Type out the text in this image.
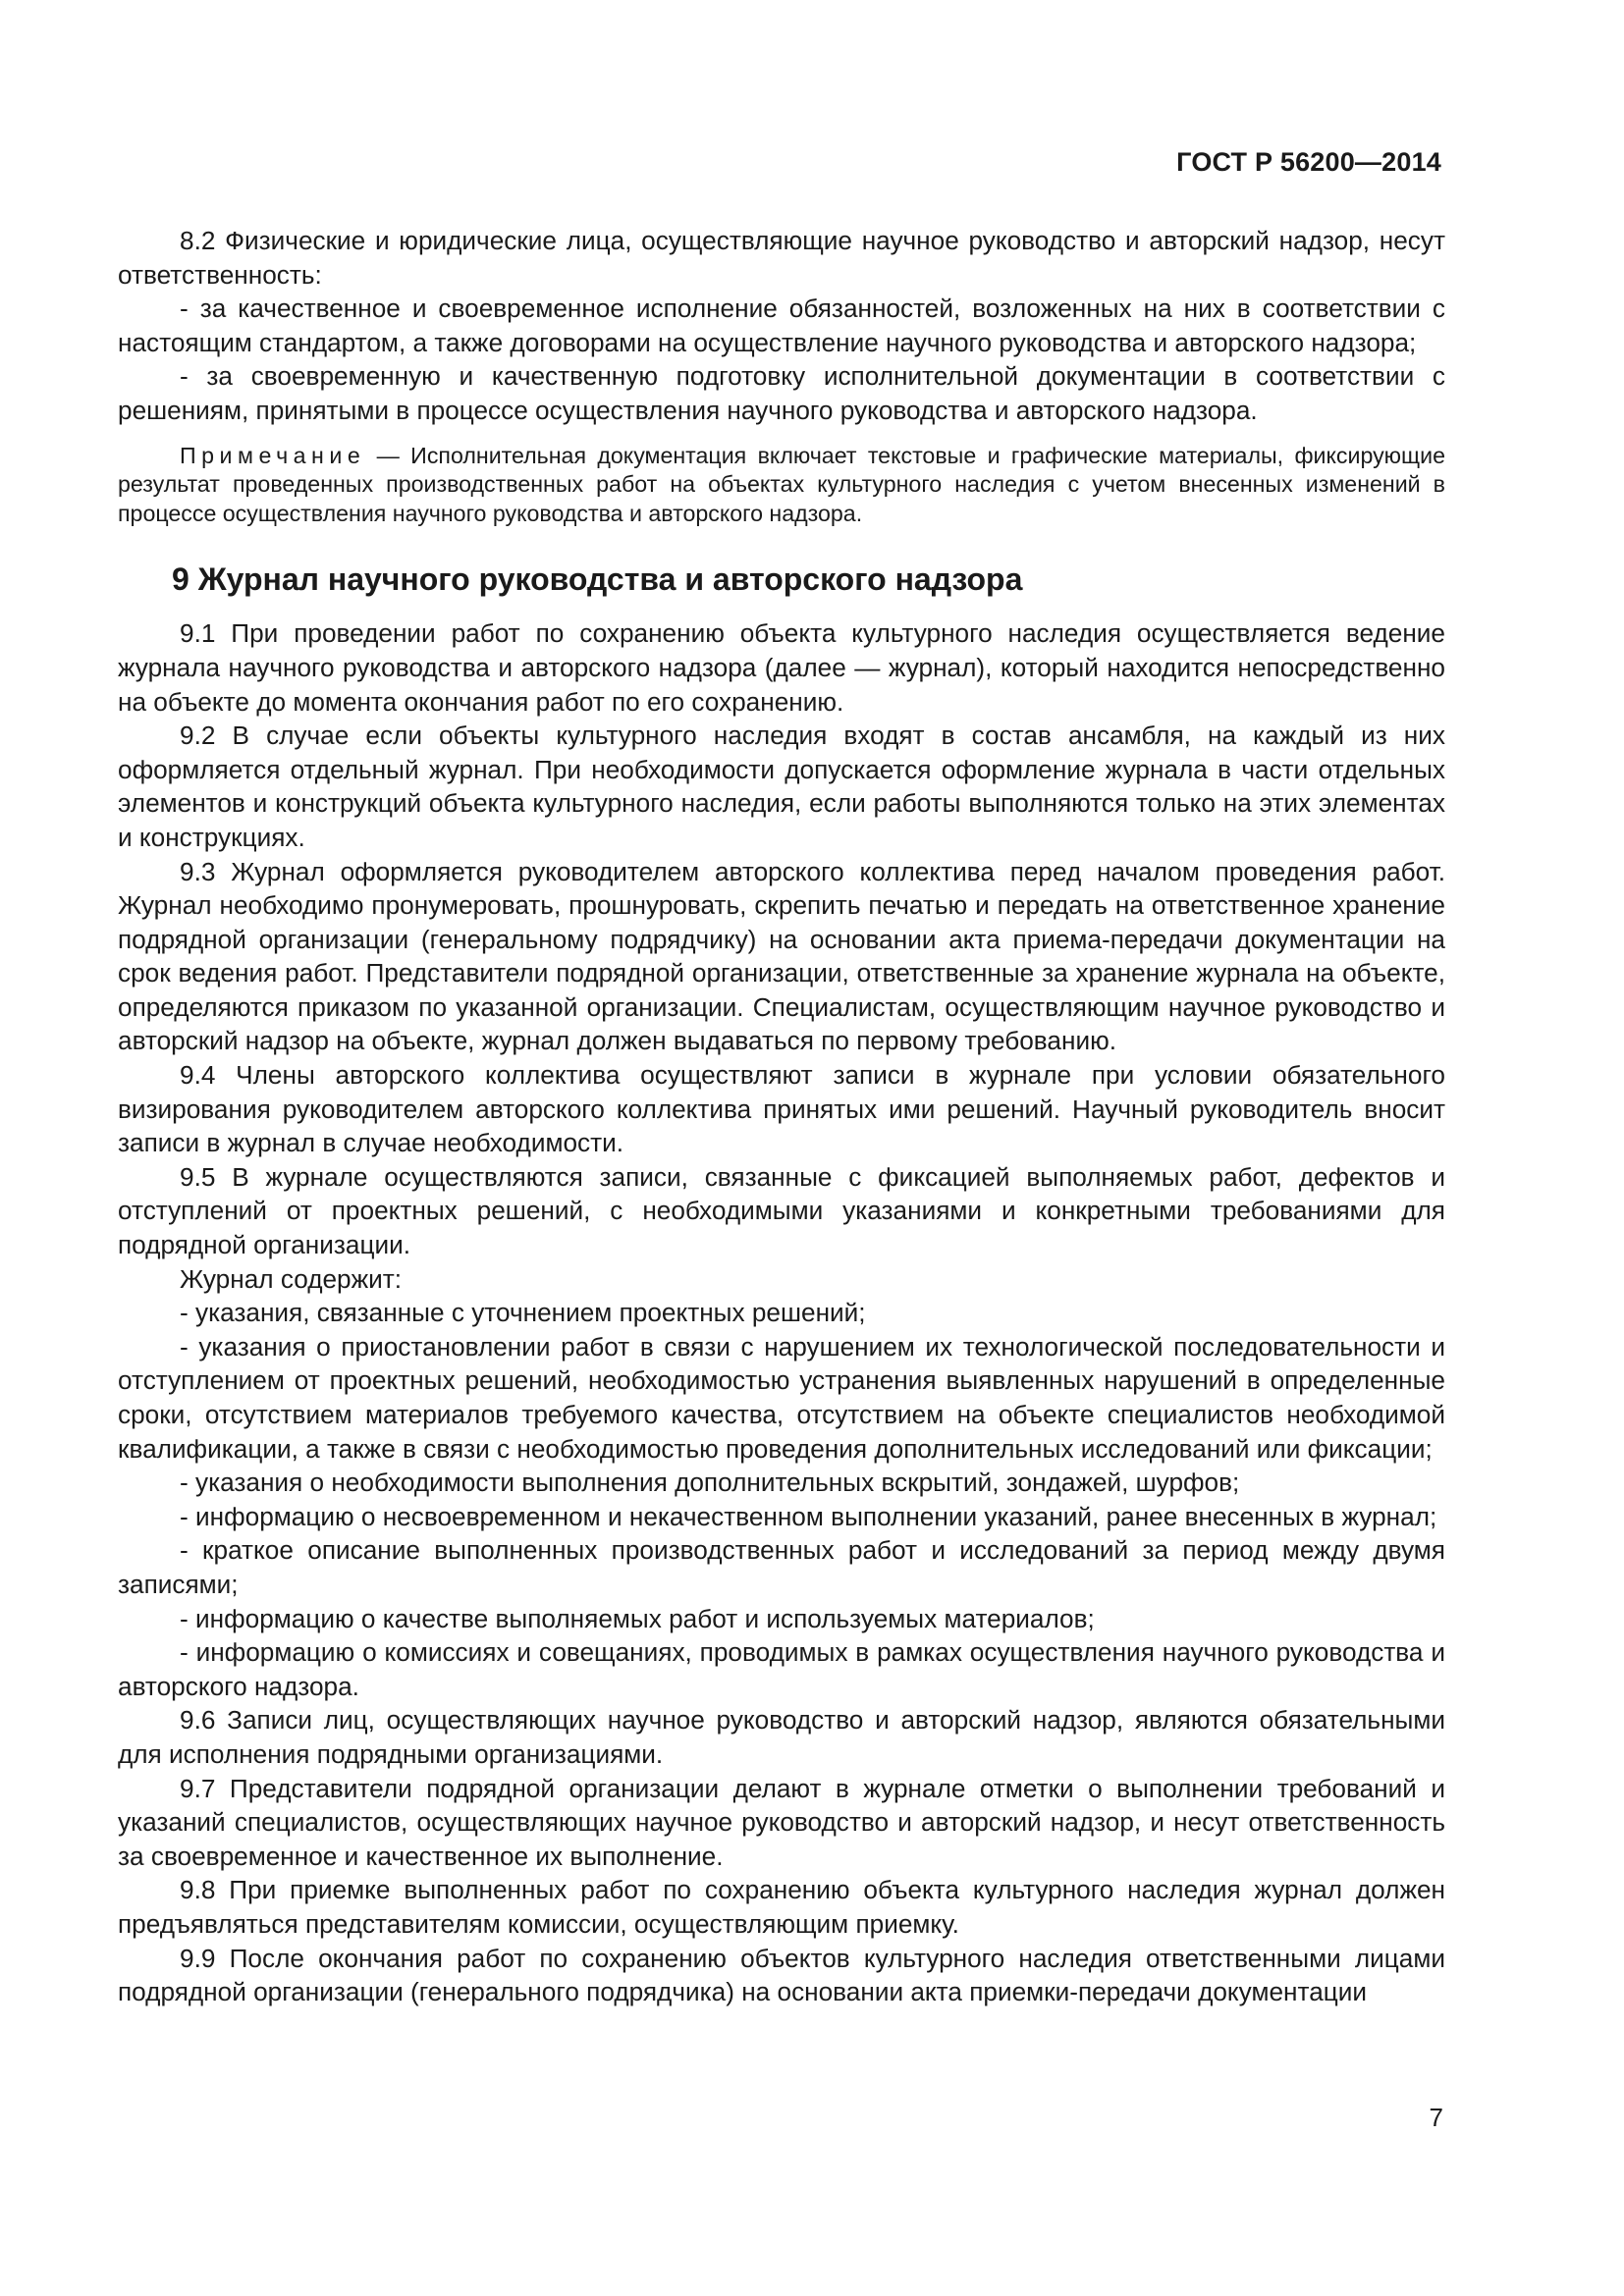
ГОСТ Р 56200—2014

8.2 Физические и юридические лица, осуществляющие научное руководство и авторский надзор, несут ответственность:

- за качественное и своевременное исполнение обязанностей, возложенных на них в соответствии с настоящим стандартом, а также договорами на осуществление научного руководства и авторского надзора;

- за своевременную и качественную подготовку исполнительной документации в соответствии с решениям, принятыми в процессе осуществления научного руководства и авторского надзора.

Примечание — Исполнительная документация включает текстовые и графические материалы, фиксирующие результат проведенных производственных работ на объектах культурного наследия с учетом внесенных изменений в процессе осуществления научного руководства и авторского надзора.

9 Журнал научного руководства и авторского надзора

9.1 При проведении работ по сохранению объекта культурного наследия осуществляется ведение журнала научного руководства и авторского надзора (далее — журнал), который находится непосредственно на объекте до момента окончания работ по его сохранению.

9.2 В случае если объекты культурного наследия входят в состав ансамбля, на каждый из них оформляется отдельный журнал. При необходимости допускается оформление журнала в части отдельных элементов и конструкций объекта культурного наследия, если работы выполняются только на этих элементах и конструкциях.

9.3 Журнал оформляется руководителем авторского коллектива перед началом проведения работ. Журнал необходимо пронумеровать, прошнуровать, скрепить печатью и передать на ответственное хранение подрядной организации (генеральному подрядчику) на основании акта приема-передачи документации на срок ведения работ. Представители подрядной организации, ответственные за хранение журнала на объекте, определяются приказом по указанной организации. Специалистам, осуществляющим научное руководство и авторский надзор на объекте, журнал должен выдаваться по первому требованию.

9.4 Члены авторского коллектива осуществляют записи в журнале при условии обязательного визирования руководителем авторского коллектива принятых ими решений. Научный руководитель вносит записи в журнал в случае необходимости.

9.5 В журнале осуществляются записи, связанные с фиксацией выполняемых работ, дефектов и отступлений от проектных решений, с необходимыми указаниями и конкретными требованиями для подрядной организации.

Журнал содержит:

- указания, связанные с уточнением проектных решений;

- указания о приостановлении работ в связи с нарушением их технологической последовательности и отступлением от проектных решений, необходимостью устранения выявленных нарушений в определенные сроки, отсутствием материалов требуемого качества, отсутствием на объекте специалистов необходимой квалификации, а также в связи с необходимостью проведения дополнительных исследований или фиксации;

- указания о необходимости выполнения дополнительных вскрытий, зондажей, шурфов;

- информацию о несвоевременном и некачественном выполнении указаний, ранее внесенных в журнал;

- краткое описание выполненных производственных работ и исследований за период между двумя записями;

- информацию о качестве выполняемых работ и используемых материалов;

- информацию о комиссиях и совещаниях, проводимых в рамках осуществления научного руководства и авторского надзора.

9.6 Записи лиц, осуществляющих научное руководство и авторский надзор, являются обязательными для исполнения подрядными организациями.

9.7 Представители подрядной организации делают в журнале отметки о выполнении требований и указаний специалистов, осуществляющих научное руководство и авторский надзор, и несут ответственность за своевременное и качественное их выполнение.

9.8 При приемке выполненных работ по сохранению объекта культурного наследия журнал должен предъявляться представителям комиссии, осуществляющим приемку.

9.9 После окончания работ по сохранению объектов культурного наследия ответственными лицами подрядной организации (генерального подрядчика) на основании акта приемки-передачи документации

7
